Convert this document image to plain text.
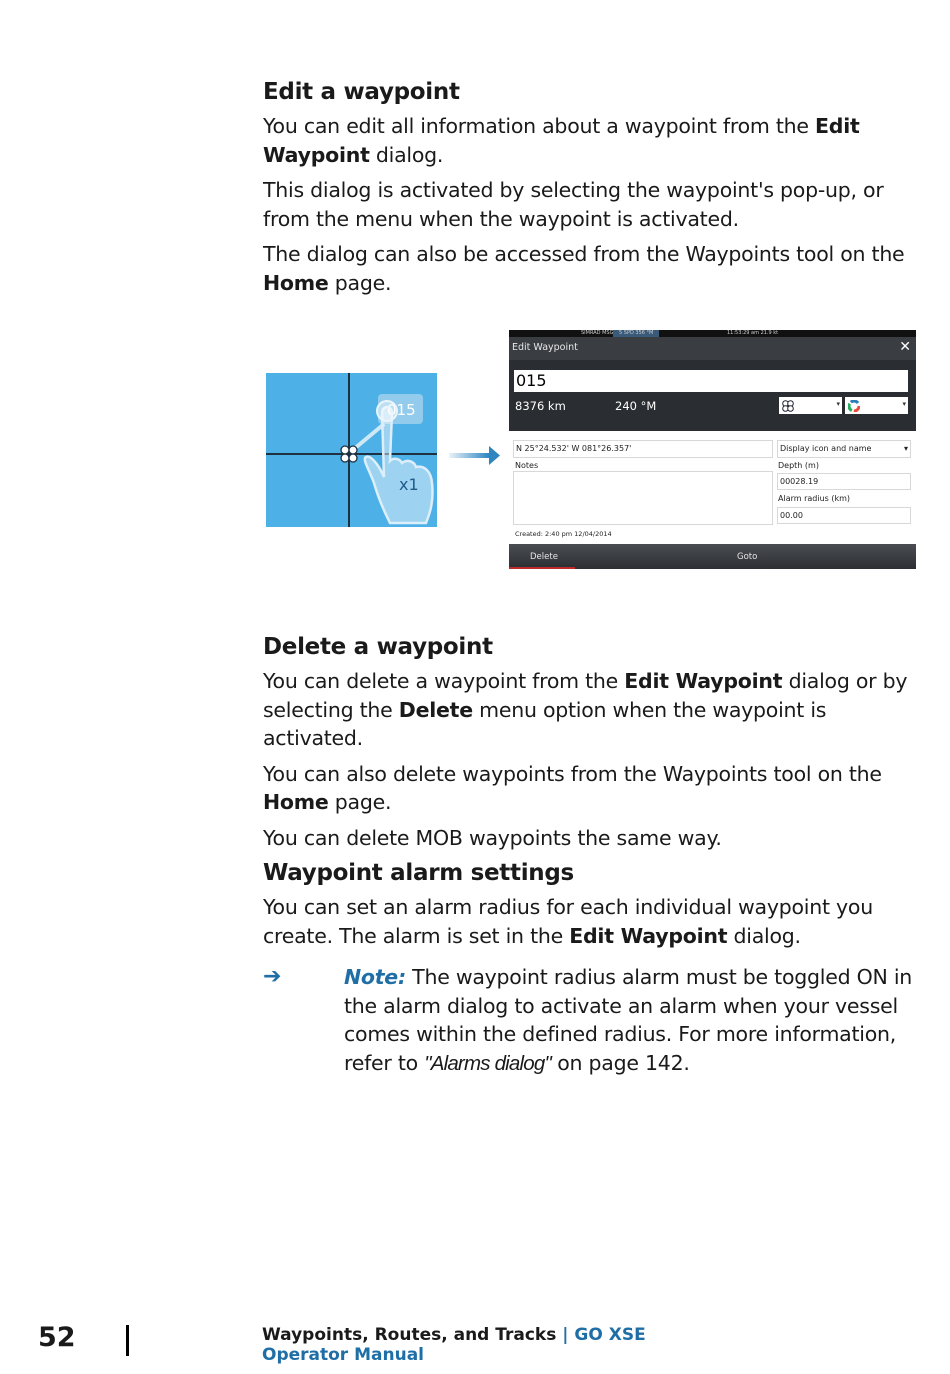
Edit a waypoint

You can edit all information about a waypoint from the Edit Waypoint dialog.

This dialog is activated by selecting the waypoint's pop-up, or from the menu when the waypoint is activated.

The dialog can also be accessed from the Waypoints tool on the Home page.

015
x1
SIMRAD MSG	5 SPD 356 °M	11:53:29 am 21.9 kt
Edit Waypoint	✕
015
8376 km	240 °M	▾	▾
N 25°24.532' W 081°26.357'
Notes
Display icon and name	▾
Depth (m)
00028.19
Alarm radius (km)
00.00
Created: 2:40 pm 12/04/2014
Delete	Goto
Delete a waypoint

You can delete a waypoint from the Edit Waypoint dialog or by selecting the Delete menu option when the waypoint is activated.

You can also delete waypoints from the Waypoints tool on the Home page.

You can delete MOB waypoints the same way.

Waypoint alarm settings

You can set an alarm radius for each individual waypoint you create. The alarm is set in the Edit Waypoint dialog.

➔	Note: The waypoint radius alarm must be toggled ON in the alarm dialog to activate an alarm when your vessel comes within the defined radius. For more information, refer to "Alarms dialog" on page 142.

52	Waypoints, Routes, and Tracks | GO XSE Operator Manual
